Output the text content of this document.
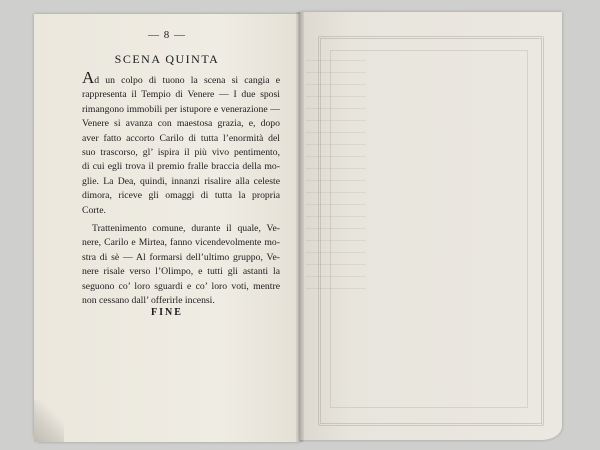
— 8 —
SCENA QUINTA
Ad un colpo di tuono la scena si cangia e
rappresenta il Tempio di Venere — I due sposi
rimangono immobili per istupore e venerazione —
Venere si avanza con maestosa grazia, e, dopo
aver fatto accorto Carilo di tutta l’enormità del
suo trascorso, gl’ ispira il più vivo pentimento,
di cui egli trova il premio fralle braccia della mo-
glie. La Dea, quindi, innanzi risalire alla celeste
dimora, riceve gli omaggi di tutta la propria
Corte.
Trattenimento comune, durante il quale, Ve-
nere, Carilo e Mirtea, fanno vicendevolmente mo-
stra di sè — Al formarsi dell’ultimo gruppo, Ve-
nere risale verso l’Olimpo, e tutti gli astanti la
seguono co’ loro sguardi e co’ loro voti, mentre
non cessano dall’ offerirle incensi.
FINE
